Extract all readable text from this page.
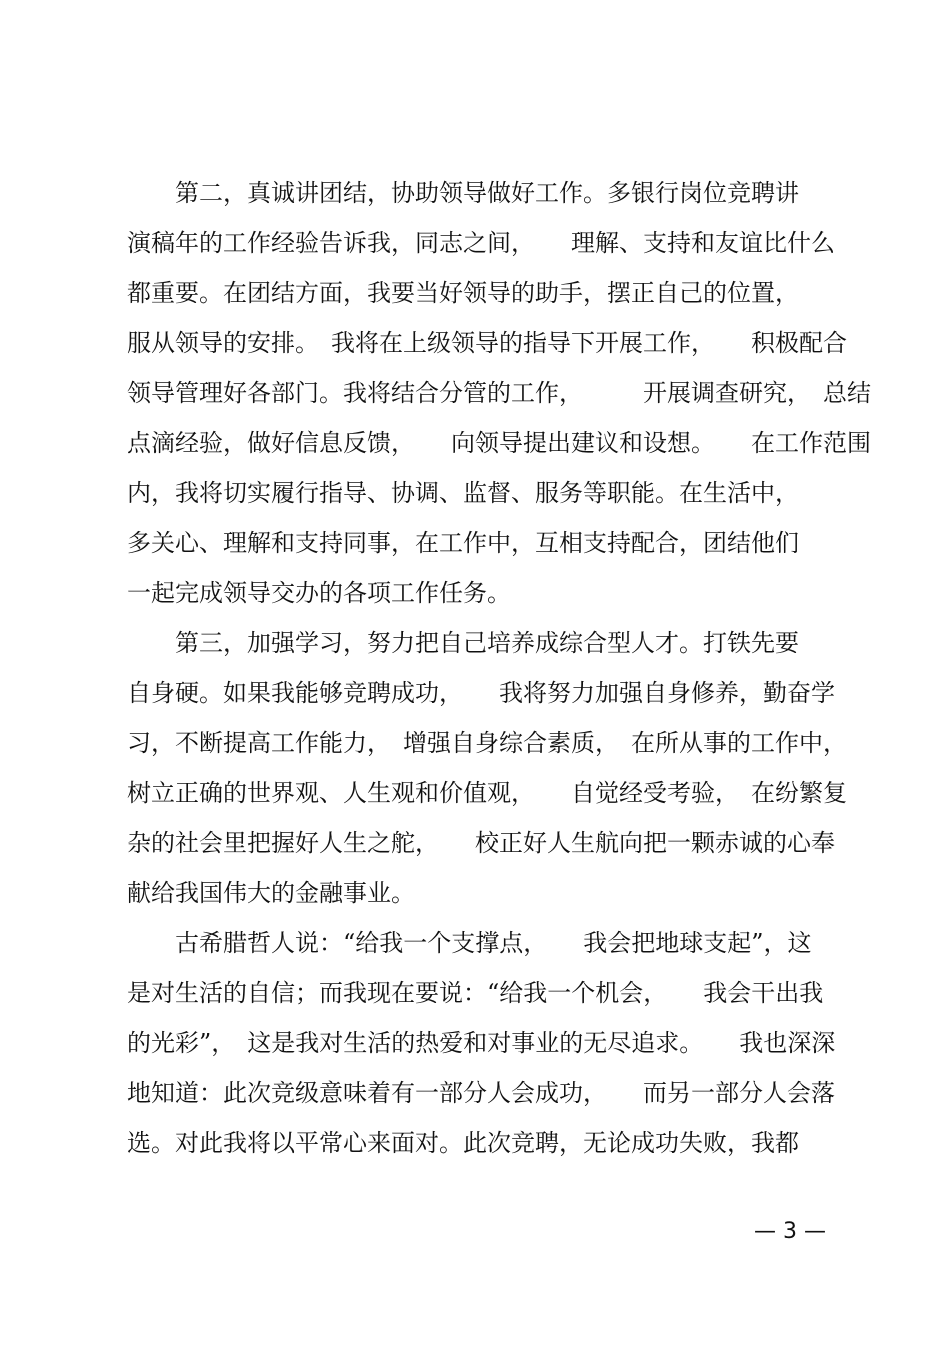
　　第二，真诚讲团结，协助领导做好工作。多银行岗位竞聘讲
演稿年的工作经验告诉我，同志之间，　　理解、支持和友谊比什么
都重要。在团结方面，我要当好领导的助手，摆正自己的位置，
服从领导的安排。　我将在上级领导的指导下开展工作，　　积极配合
领导管理好各部门。我将结合分管的工作，　　　开展调查研究，　总结
点滴经验，做好信息反馈，　　向领导提出建议和设想。　　在工作范围
内，我将切实履行指导、协调、监督、服务等职能。在生活中，
多关心、理解和支持同事，在工作中，互相支持配合，团结他们
一起完成领导交办的各项工作任务。
　　第三，加强学习，努力把自己培养成综合型人才。打铁先要
自身硬。如果我能够竞聘成功，　　我将努力加强自身修养，勤奋学
习，不断提高工作能力，　增强自身综合素质，　在所从事的工作中，
树立正确的世界观、人生观和价值观，　　自觉经受考验，　在纷繁复
杂的社会里把握好人生之舵，　　校正好人生航向把一颗赤诚的心奉
献给我国伟大的金融事业。
　　古希腊哲人说：“给我一个支撑点，　　我会把地球支起”，这
是对生活的自信；而我现在要说：“给我一个机会，　　我会干出我
的光彩”，　这是我对生活的热爱和对事业的无尽追求。　　我也深深
地知道：此次竞级意味着有一部分人会成功，　　而另一部分人会落
选。对此我将以平常心来面对。此次竞聘，无论成功失败，我都
— 3 —
